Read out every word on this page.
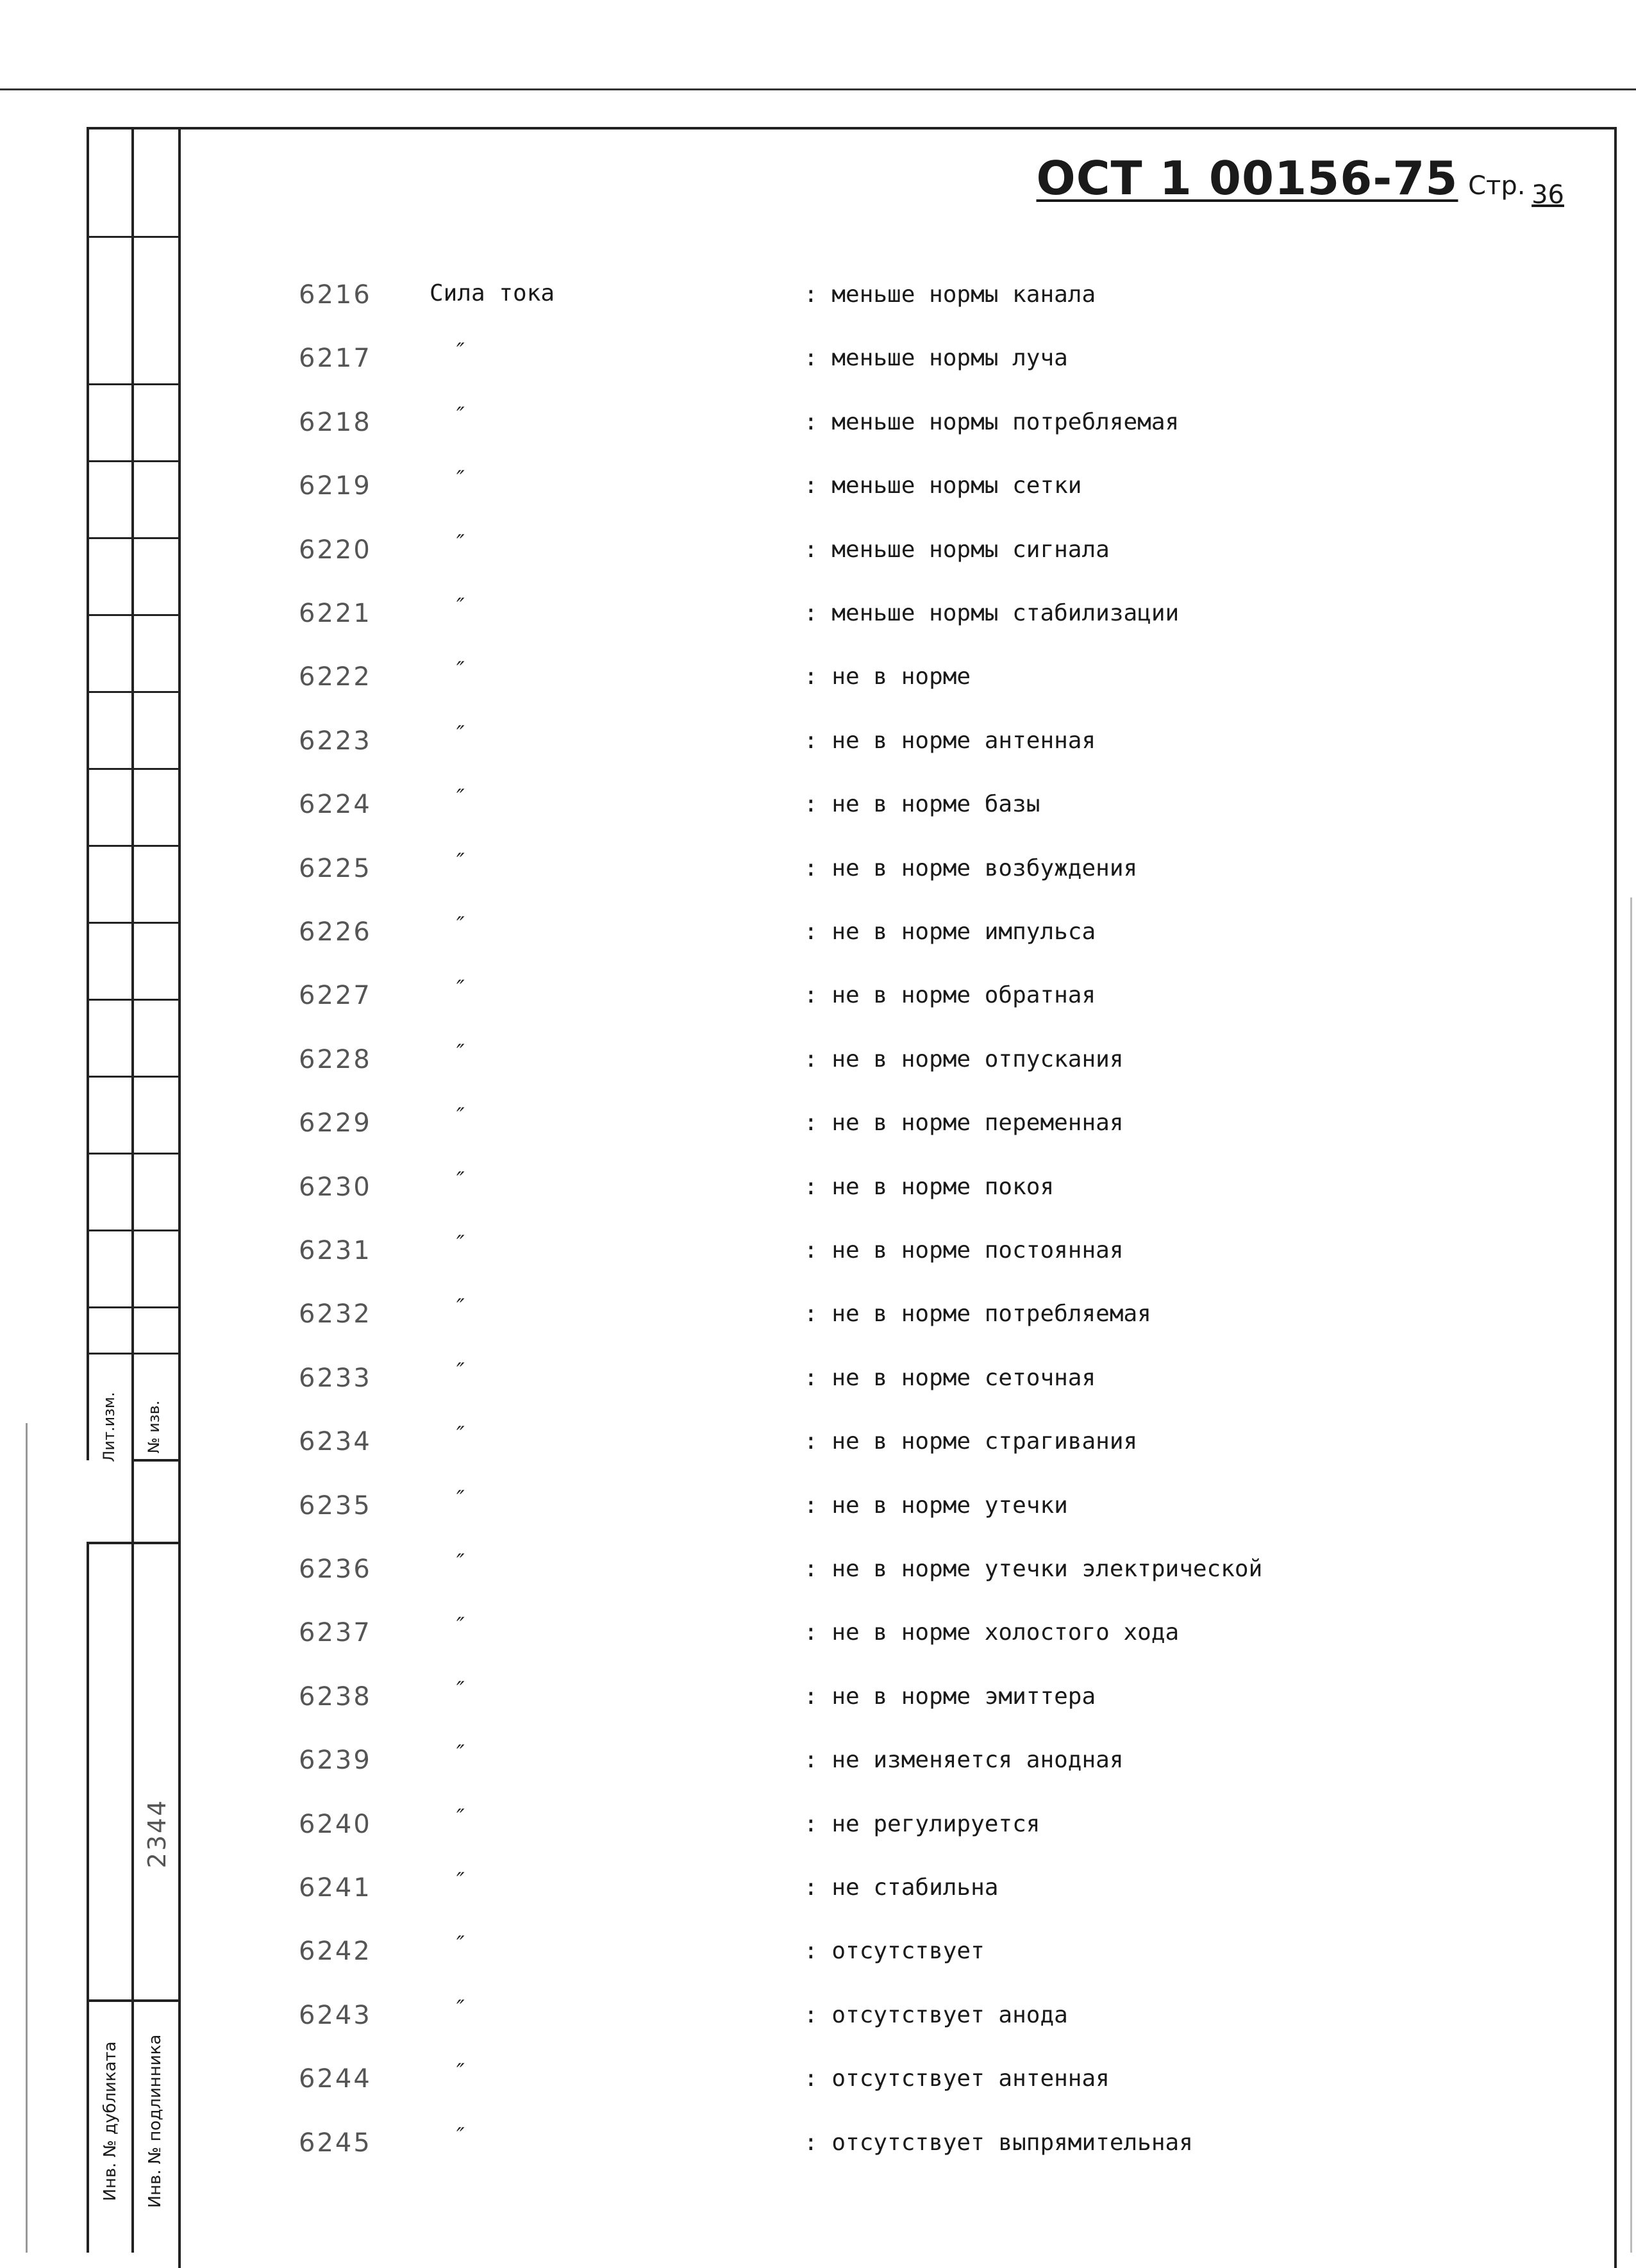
Лит.изм.	№ изв.
2344
Инв. № дубликата	Инв. № подлинника
ОСТ 1 00156-75 Стр. 36
6216	Сила тока	: меньше нормы канала
6217	″	: меньше нормы луча
6218	″	: меньше нормы потребляемая
6219	″	: меньше нормы сетки
6220	″	: меньше нормы сигнала
6221	″	: меньше нормы стабилизации
6222	″	: не в норме
6223	″	: не в норме антенная
6224	″	: не в норме базы
6225	″	: не в норме возбуждения
6226	″	: не в норме импульса
6227	″	: не в норме обратная
6228	″	: не в норме отпускания
6229	″	: не в норме переменная
6230	″	: не в норме покоя
6231	″	: не в норме постоянная
6232	″	: не в норме потребляемая
6233	″	: не в норме сеточная
6234	″	: не в норме страгивания
6235	″	: не в норме утечки
6236	″	: не в норме утечки электрической
6237	″	: не в норме холостого хода
6238	″	: не в норме эмиттера
6239	″	: не изменяется анодная
6240	″	: не регулируется
6241	″	: не стабильна
6242	″	: отсутствует
6243	″	: отсутствует анода
6244	″	: отсутствует антенная
6245	″	: отсутствует выпрямительная
